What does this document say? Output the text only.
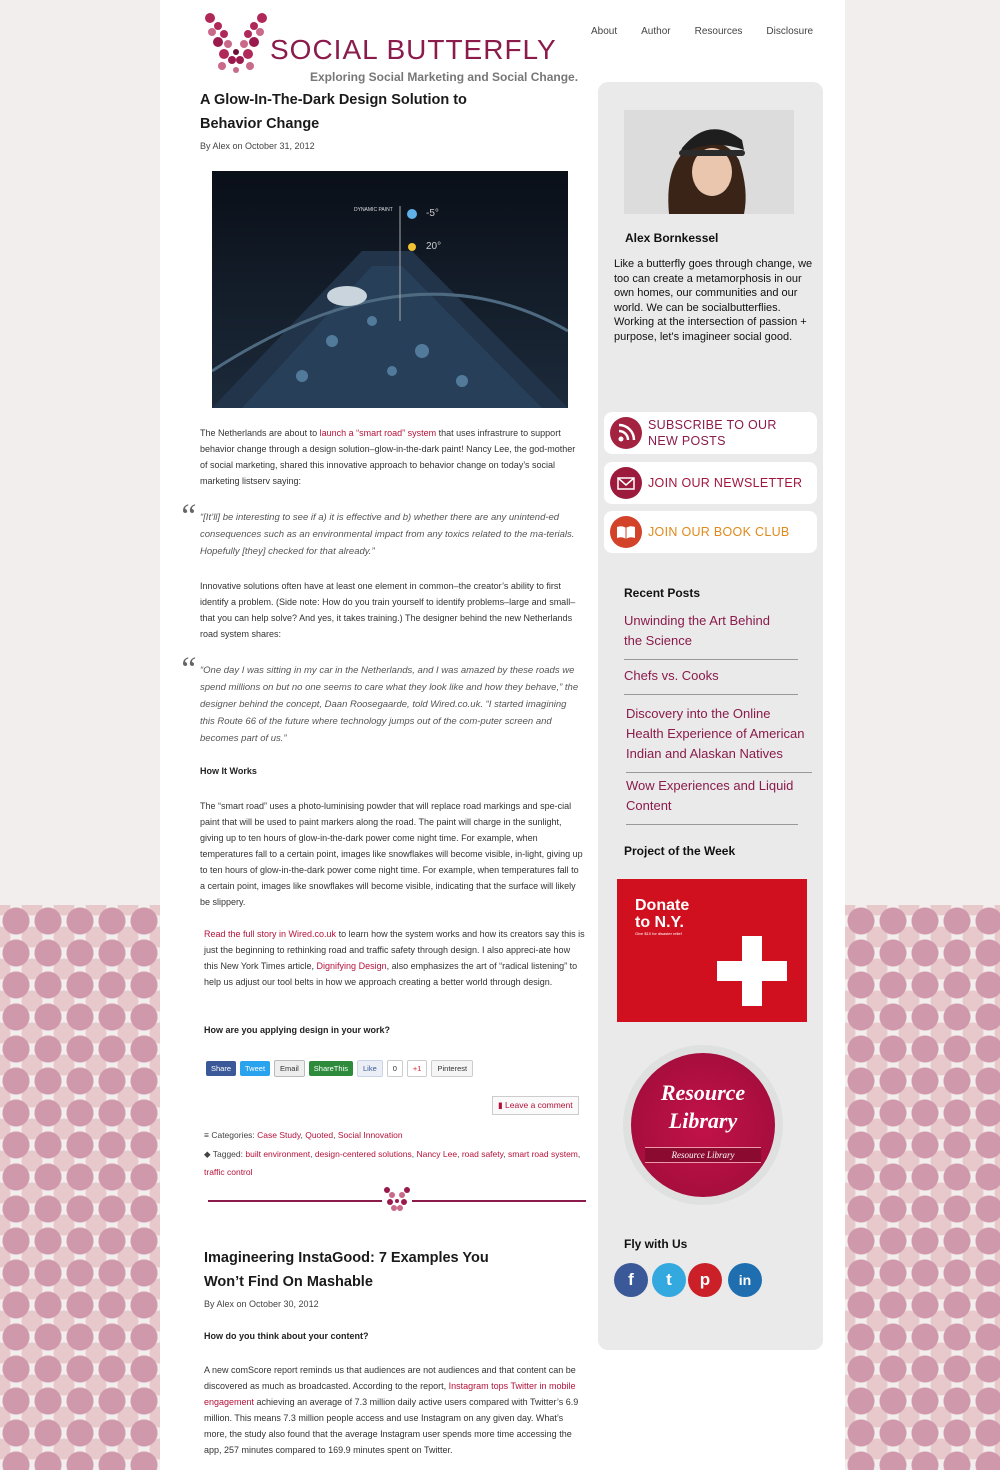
SOCIAL BUTTERFLY
Exploring Social Marketing and Social Change.
About Author Resources Disclosure
A Glow-In-The-Dark Design Solution to
Behavior Change
By Alex on October 31, 2012
DYNAMIC PAINT	-5°
20°

The Netherlands are about to launch a “smart road” system that uses infrastrure to support behavior change through a design solution–glow-in-the-dark paint! Nancy Lee, the god-mother of social marketing, shared this innovative approach to behavior change on today’s social marketing listserv saying:

“ “[It’ll] be interesting to see if a) it is effective and b) whether there are any unintend-ed consequences such as an environmental impact from any toxics related to the ma-terials. Hopefully [they] checked for that already.”

Innovative solutions often have at least one element in common–the creator’s ability to first identify a problem. (Side note: How do you train yourself to identify problems–large and small–that you can help solve? And yes, it takes training.) The designer behind the new Netherlands road system shares:

“ “One day I was sitting in my car in the Netherlands, and I was amazed by these roads we spend millions on but no one seems to care what they look like and how they behave,” the designer behind the concept, Daan Roosegaarde, told Wired.co.uk. “I started imagining this Route 66 of the future where technology jumps out of the com-puter screen and becomes part of us.”
How It Works

The “smart road” uses a photo-luminising powder that will replace road markings and spe-cial paint that will be used to paint markers along the road. The paint will charge in the sunlight, giving up to ten hours of glow-in-the-dark power come night time. For example, when temperatures fall to a certain point, images like snowflakes will become visible, in-light, giving up to ten hours of glow-in-the-dark power come night time. For example, when temperatures fall to a certain point, images like snowflakes will become visible, indicating that the surface will likely be slippery.

Read the full story in Wired.co.uk to learn how the system works and how its creators say this is just the beginning to rethinking road and traffic safety through design. I also appreci-ate how this New York Times article, Dignifying Design, also emphasizes the art of “radical listening” to help us adjust our tool belts in how we approach creating a better world through design.

How are you applying design in your work?
Share	Tweet	Email	ShareThis	Like	0	+1	Pinterest
▮ Leave a comment
≡ Categories: Case Study, Quoted, Social Innovation
◆ Tagged: built environment, design-centered solutions, Nancy Lee, road safety, smart road system, traffic control
Imagineering InstaGood: 7 Examples You
Won’t Find On Mashable
By Alex on October 30, 2012
How do you think about your content?

A new comScore report reminds us that audiences are not audiences and that content can be discovered as much as broadcasted. According to the report, Instagram tops Twitter in mobile engagement achieving an average of 7.3 million daily active users compared with Twitter’s 6.9 million. This means 7.3 million people access and use Instagram on any given day. What’s more, the study also found that the average Instagram user spends more time accessing the app, 257 minutes compared to 169.9 minutes spent on Twitter.

Alex Bornkessel
Like a butterfly goes through change, we too can create a metamorphosis in our own homes, our communities and our world. We can be socialbutterflies. Working at the intersection of passion + purpose, let's imagineer social good.
SUBSCRIBE TO OUR
NEW POSTS
JOIN OUR NEWSLETTER
JOIN OUR BOOK CLUB
Recent Posts
Unwinding the Art Behind
the Science
Chefs vs. Cooks
Discovery into the Online
Health Experience of American
Indian and Alaskan Natives
Wow Experiences and Liquid
Content
Project of the Week
Donate
to N.Y.
Give $10 for disaster relief
Resource
Library
Resource Library
Fly with Us
f	t	p	in
